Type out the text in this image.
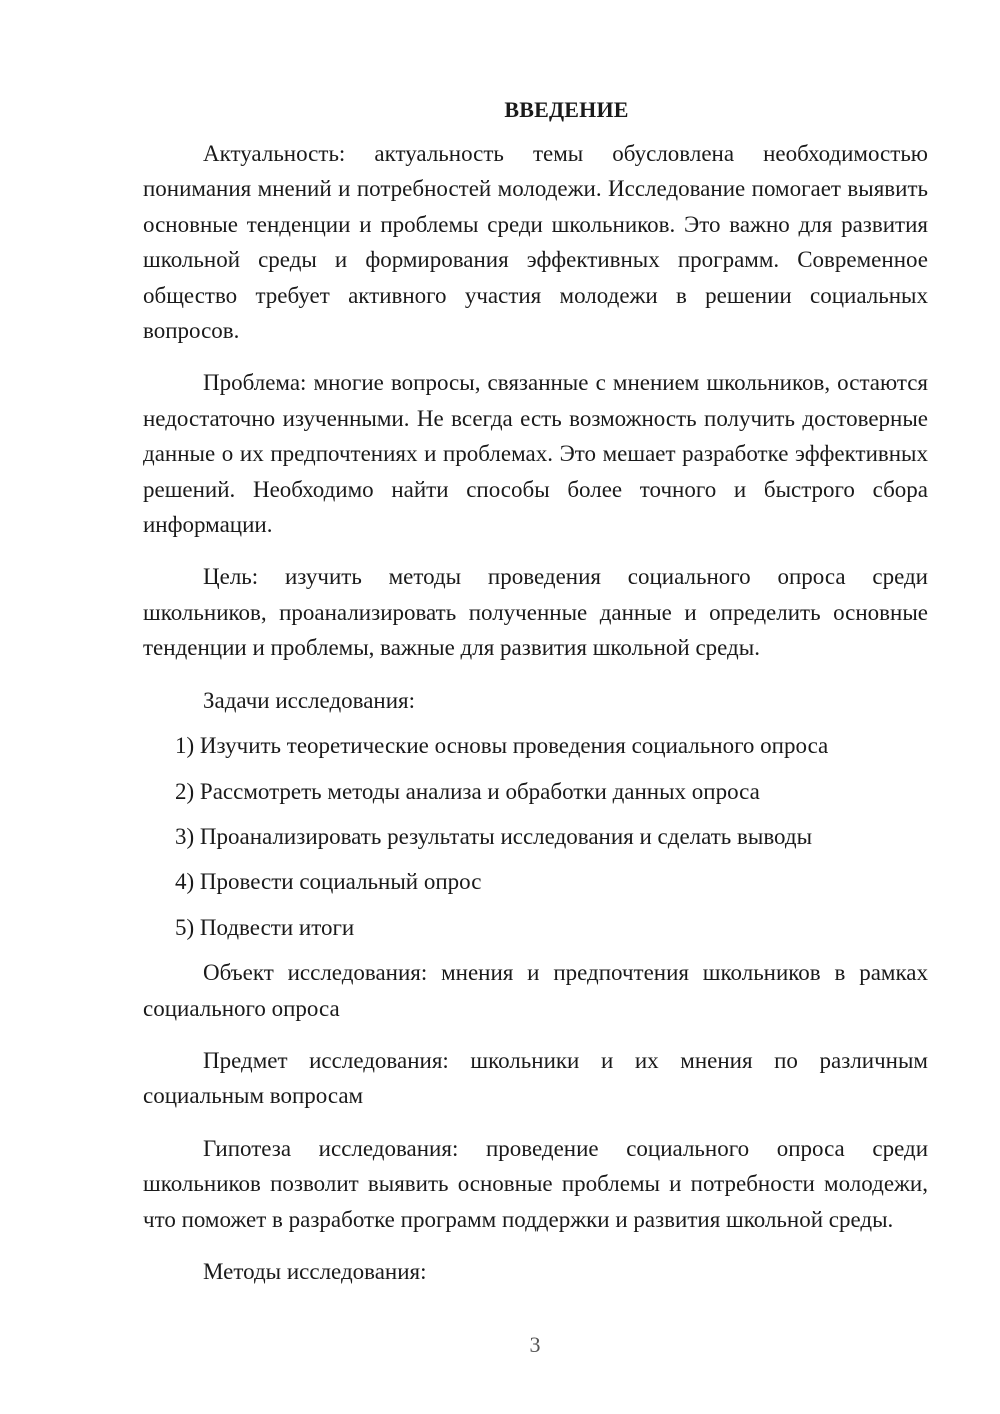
ВВЕДЕНИЕ

Актуальность: актуальность темы обусловлена необходимостью понимания мнений и потребностей молодежи. Исследование помогает выявить основные тенденции и проблемы среди школьников. Это важно для развития школьной среды и формирования эффективных программ. Современное общество требует активного участия молодежи в решении социальных вопросов.

Проблема: многие вопросы, связанные с мнением школьников, остаются недостаточно изученными. Не всегда есть возможность получить достоверные данные о их предпочтениях и проблемах. Это мешает разработке эффективных решений. Необходимо найти способы более точного и быстрого сбора информации.

Цель: изучить методы проведения социального опроса среди школьников, проанализировать полученные данные и определить основные тенденции и проблемы, важные для развития школьной среды.

Задачи исследования:

1) Изучить теоретические основы проведения социального опроса
2) Рассмотреть методы анализа и обработки данных опроса
3) Проанализировать результаты исследования и сделать выводы
4) Провести социальный опрос
5) Подвести итоги

Объект исследования: мнения и предпочтения школьников в рамках социального опроса

Предмет исследования: школьники и их мнения по различным социальным вопросам

Гипотеза исследования: проведение социального опроса среди школьников позволит выявить основные проблемы и потребности молодежи, что поможет в разработке программ поддержки и развития школьной среды.

Методы исследования:

3
